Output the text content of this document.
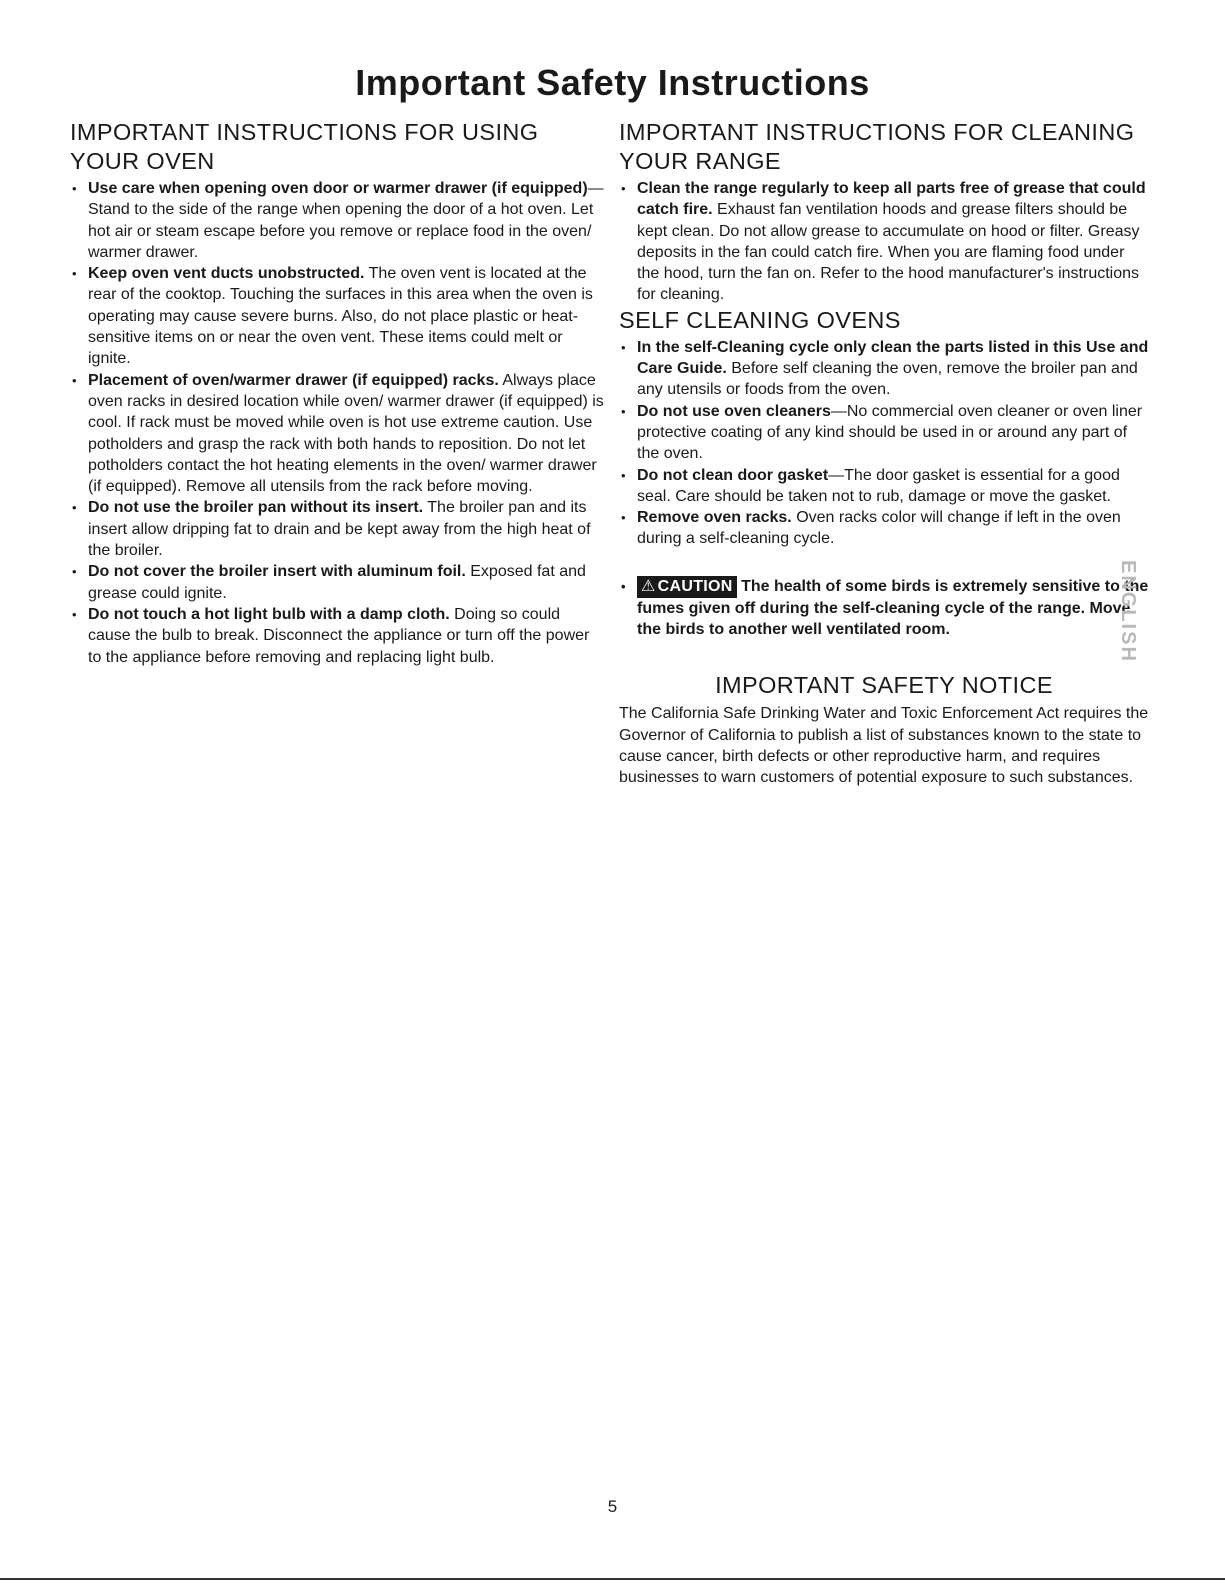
Important Safety Instructions
IMPORTANT INSTRUCTIONS FOR USING YOUR OVEN
• Use care when opening oven door or warmer drawer (if equipped)—Stand to the side of the range when opening the door of a hot oven. Let hot air or steam escape before you remove or replace food in the oven/ warmer drawer.
• Keep oven vent ducts unobstructed. The oven vent is located at the rear of the cooktop. Touching the surfaces in this area when the oven is operating may cause severe burns. Also, do not place plastic or heat-sensitive items on or near the oven vent. These items could melt or ignite.
• Placement of oven/warmer drawer (if equipped) racks. Always place oven racks in desired location while oven/ warmer drawer (if equipped) is cool. If rack must be moved while oven is hot use extreme caution. Use potholders and grasp the rack with both hands to reposition. Do not let potholders contact the hot heating elements in the oven/ warmer drawer (if equipped). Remove all utensils from the rack before moving.
• Do not use the broiler pan without its insert. The broiler pan and its insert allow dripping fat to drain and be kept away from the high heat of the broiler.
• Do not cover the broiler insert with aluminum foil. Exposed fat and grease could ignite.
• Do not touch a hot light bulb with a damp cloth. Doing so could cause the bulb to break. Disconnect the appliance or turn off the power to the appliance before removing and replacing light bulb.
IMPORTANT INSTRUCTIONS FOR CLEANING YOUR RANGE
• Clean the range regularly to keep all parts free of grease that could catch fire. Exhaust fan ventilation hoods and grease filters should be kept clean. Do not allow grease to accumulate on hood or filter. Greasy deposits in the fan could catch fire. When you are flaming food under the hood, turn the fan on. Refer to the hood manufacturer's instructions for cleaning.
SELF CLEANING OVENS
• In the self-Cleaning cycle only clean the parts listed in this Use and Care Guide. Before self cleaning the oven, remove the broiler pan and any utensils or foods from the oven.
• Do not use oven cleaners—No commercial oven cleaner or oven liner protective coating of any kind should be used in or around any part of the oven.
• Do not clean door gasket—The door gasket is essential for a good seal. Care should be taken not to rub, damage or move the gasket.
• Remove oven racks. Oven racks color will change if left in the oven during a self-cleaning cycle.
• ⚠ CAUTION The health of some birds is extremely sensitive to the fumes given off during the self-cleaning cycle of the range. Move the birds to another well ventilated room.
IMPORTANT SAFETY NOTICE

The California Safe Drinking Water and Toxic Enforcement Act requires the Governor of California to publish a list of substances known to the state to cause cancer, birth defects or other reproductive harm, and requires businesses to warn customers of potential exposure to such substances.

ENGLISH
5
